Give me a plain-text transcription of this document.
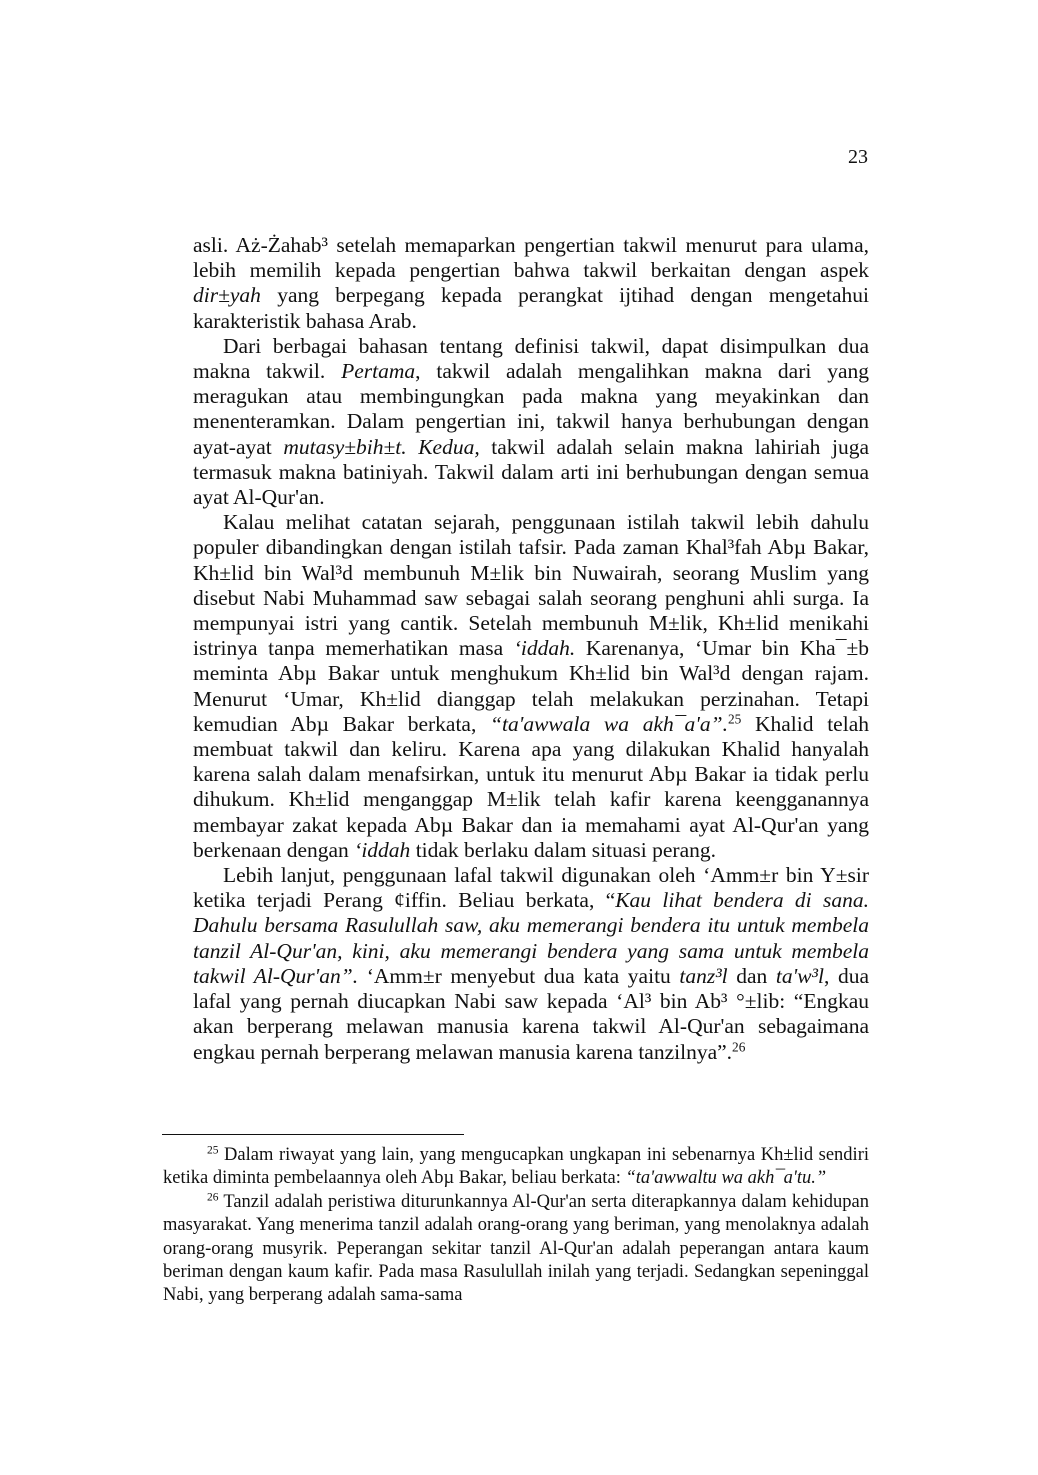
23

asli. Aż-Żahab³ setelah memaparkan pengertian takwil menurut para ulama, lebih memilih kepada pengertian bahwa takwil berkaitan dengan aspek dir±yah yang berpegang kepada perangkat ijtihad dengan mengetahui karakteristik bahasa Arab.

Dari berbagai bahasan tentang definisi takwil, dapat disimpulkan dua makna takwil. Pertama, takwil adalah mengalihkan makna dari yang meragukan atau membingungkan pada makna yang meyakinkan dan menenteramkan. Dalam pengertian ini, takwil hanya berhubungan dengan ayat-ayat mutasy±bih±t. Kedua, takwil adalah selain makna lahiriah juga termasuk makna batiniyah. Takwil dalam arti ini berhubungan dengan semua ayat Al-Qur'an.

Kalau melihat catatan sejarah, penggunaan istilah takwil lebih dahulu populer dibandingkan dengan istilah tafsir. Pada zaman Khal³fah Abµ Bakar, Kh±lid bin Wal³d membunuh M±lik bin Nuwairah, seorang Muslim yang disebut Nabi Muhammad saw sebagai salah seorang penghuni ahli surga. Ia mempunyai istri yang cantik. Setelah membunuh M±lik, Kh±lid menikahi istrinya tanpa memerhatikan masa ‘iddah. Karenanya, ‘Umar bin Kha¯±b meminta Abµ Bakar untuk menghukum Kh±lid bin Wal³d dengan rajam. Menurut ‘Umar, Kh±lid dianggap telah melakukan perzinahan. Tetapi kemudian Abµ Bakar berkata, “ta'awwala wa akh¯a'a”.$^{25}$ Khalid telah membuat takwil dan keliru. Karena apa yang dilakukan Khalid hanyalah karena salah dalam menafsirkan, untuk itu menurut Abµ Bakar ia tidak perlu dihukum. Kh±lid menganggap M±lik telah kafir karena keengganannya membayar zakat kepada Abµ Bakar dan ia memahami ayat Al-Qur'an yang berkenaan dengan ‘iddah tidak berlaku dalam situasi perang.

Lebih lanjut, penggunaan lafal takwil digunakan oleh ‘Amm±r bin Y±sir ketika terjadi Perang ¢iffin. Beliau berkata, “Kau lihat bendera di sana. Dahulu bersama Rasulullah saw, aku memerangi bendera itu untuk membela tanzil Al-Qur'an, kini, aku memerangi bendera yang sama untuk membela takwil Al-Qur'an”. ‘Amm±r menyebut dua kata yaitu tanz³l dan ta'w³l, dua lafal yang pernah diucapkan Nabi saw kepada ‘Al³ bin Ab³ °±lib: “Engkau akan berperang melawan manusia karena takwil Al-Qur'an sebagaimana engkau pernah berperang melawan manusia karena tanzilnya”.$^{26}$

$^{25}$ Dalam riwayat yang lain, yang mengucapkan ungkapan ini sebenarnya Kh±lid sendiri ketika diminta pembelaannya oleh Abµ Bakar, beliau berkata: “ta'awwaltu wa akh¯a'tu.”

$^{26}$ Tanzil adalah peristiwa diturunkannya Al-Qur'an serta diterapkannya dalam kehidupan masyarakat. Yang menerima tanzil adalah orang-orang yang beriman, yang menolaknya adalah orang-orang musyrik. Peperangan sekitar tanzil Al-Qur'an adalah peperangan antara kaum beriman dengan kaum kafir. Pada masa Rasulullah inilah yang terjadi. Sedangkan sepeninggal Nabi, yang berperang adalah sama-sama
